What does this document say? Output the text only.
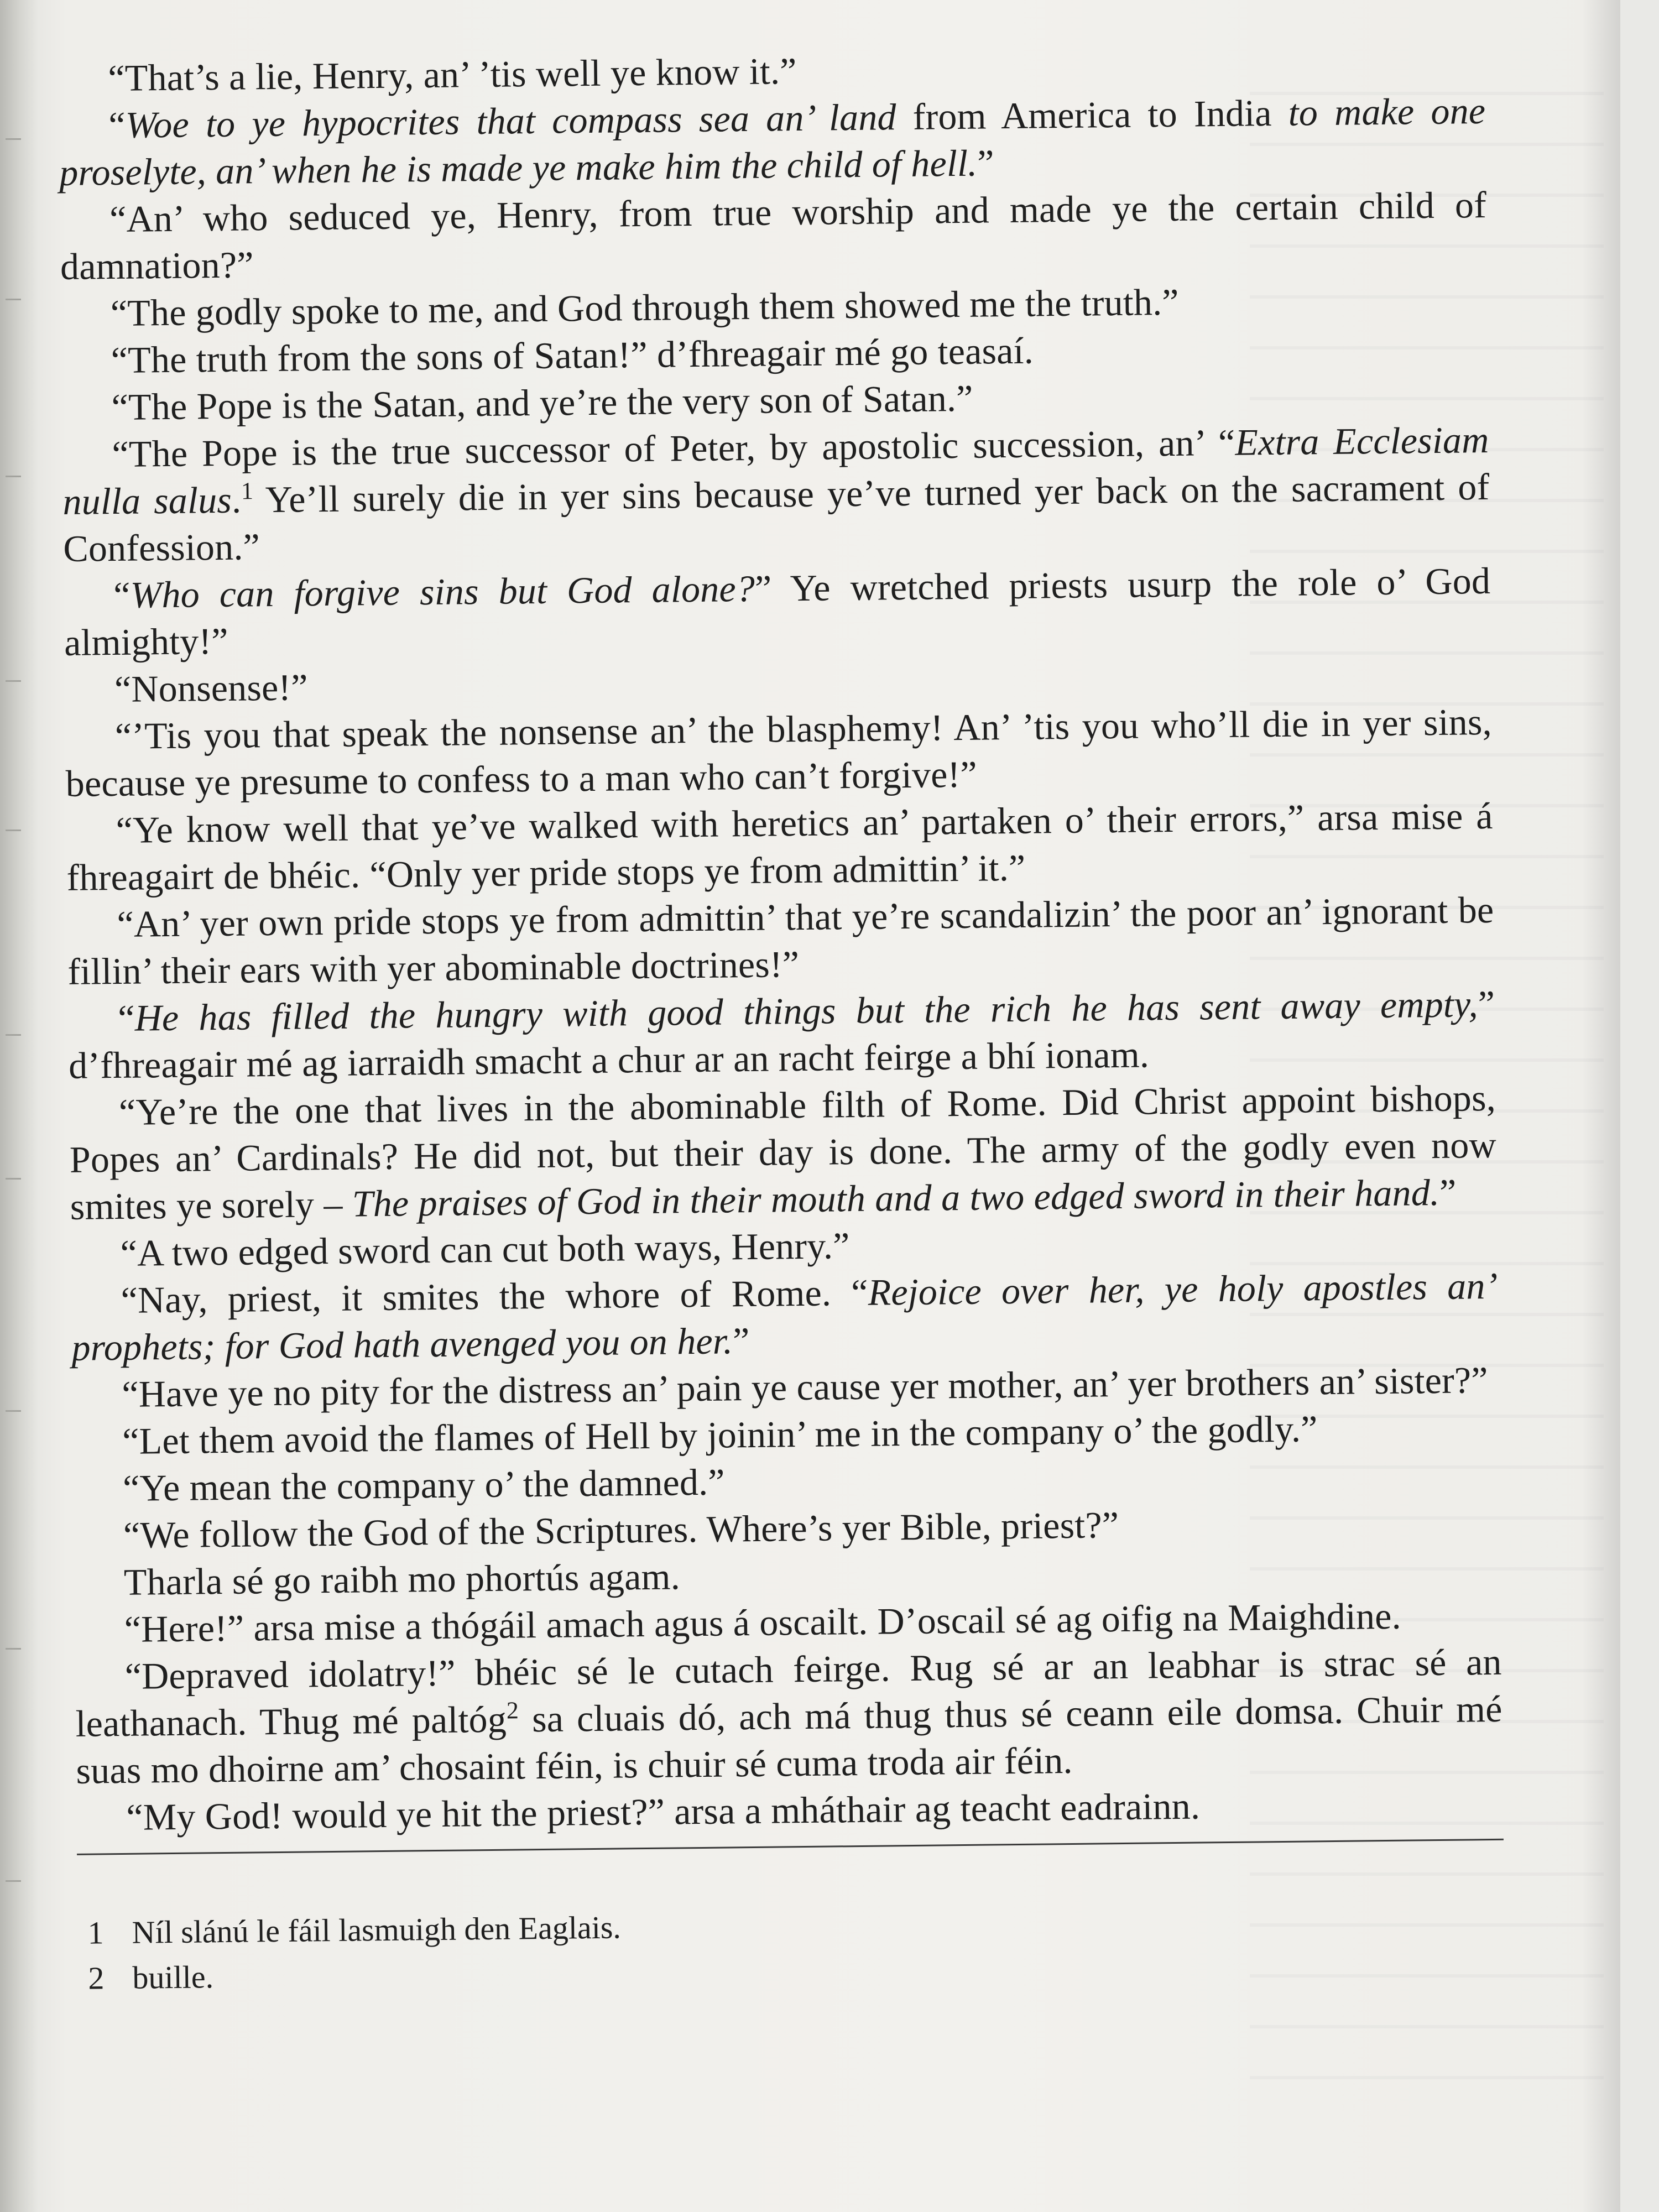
“That’s a lie, Henry, an’ ’tis well ye know it.”

“Woe to ye hypocrites that compass sea an’ land from America to India to make one proselyte, an’ when he is made ye make him the child of hell.”

“An’ who seduced ye, Henry, from true worship and made ye the certain child of damnation?”

“The godly spoke to me, and God through them showed me the truth.”

“The truth from the sons of Satan!” d’fhreagair mé go teasaí.

“The Pope is the Satan, and ye’re the very son of Satan.”

“The Pope is the true successor of Peter, by apostolic succession, an’ “Extra Ecclesiam nulla salus.$^1$ Ye’ll surely die in yer sins because ye’ve turned yer back on the sacrament of Confession.”

“Who can forgive sins but God alone?” Ye wretched priests usurp the role o’ God almighty!”

“Nonsense!”

“’Tis you that speak the nonsense an’ the blasphemy! An’ ’tis you who’ll die in yer sins, because ye presume to confess to a man who can’t forgive!”

“Ye know well that ye’ve walked with heretics an’ partaken o’ their errors,” arsa mise á fhreagairt de bhéic. “Only yer pride stops ye from admittin’ it.”

“An’ yer own pride stops ye from admittin’ that ye’re scandalizin’ the poor an’ ignorant be fillin’ their ears with yer abominable doctrines!”

“He has filled the hungry with good things but the rich he has sent away empty,” d’fhreagair mé ag iarraidh smacht a chur ar an racht feirge a bhí ionam.

“Ye’re the one that lives in the abominable filth of Rome. Did Christ appoint bishops, Popes an’ Cardinals? He did not, but their day is done. The army of the godly even now smites ye sorely – The praises of God in their mouth and a two edged sword in their hand.”

“A two edged sword can cut both ways, Henry.”

“Nay, priest, it smites the whore of Rome. “Rejoice over her, ye holy apostles an’ prophets; for God hath avenged you on her.”

“Have ye no pity for the distress an’ pain ye cause yer mother, an’ yer brothers an’ sister?”

“Let them avoid the flames of Hell by joinin’ me in the company o’ the godly.”

“Ye mean the company o’ the damned.”

“We follow the God of the Scriptures. Where’s yer Bible, priest?”

Tharla sé go raibh mo phortús agam.

“Here!” arsa mise a thógáil amach agus á oscailt. D’oscail sé ag oifig na Maighdine.

“Depraved idolatry!” bhéic sé le cutach feirge. Rug sé ar an leabhar is strac sé an leathanach. Thug mé paltóg$^2$ sa cluais dó, ach má thug thus sé ceann eile domsa. Chuir mé suas mo dhoirne am’ chosaint féin, is chuir sé cuma troda air féin.

“My God! would ye hit the priest?” arsa a mháthair ag teacht eadrainn.

1 Níl slánú le fáil lasmuigh den Eaglais.

2 buille.
